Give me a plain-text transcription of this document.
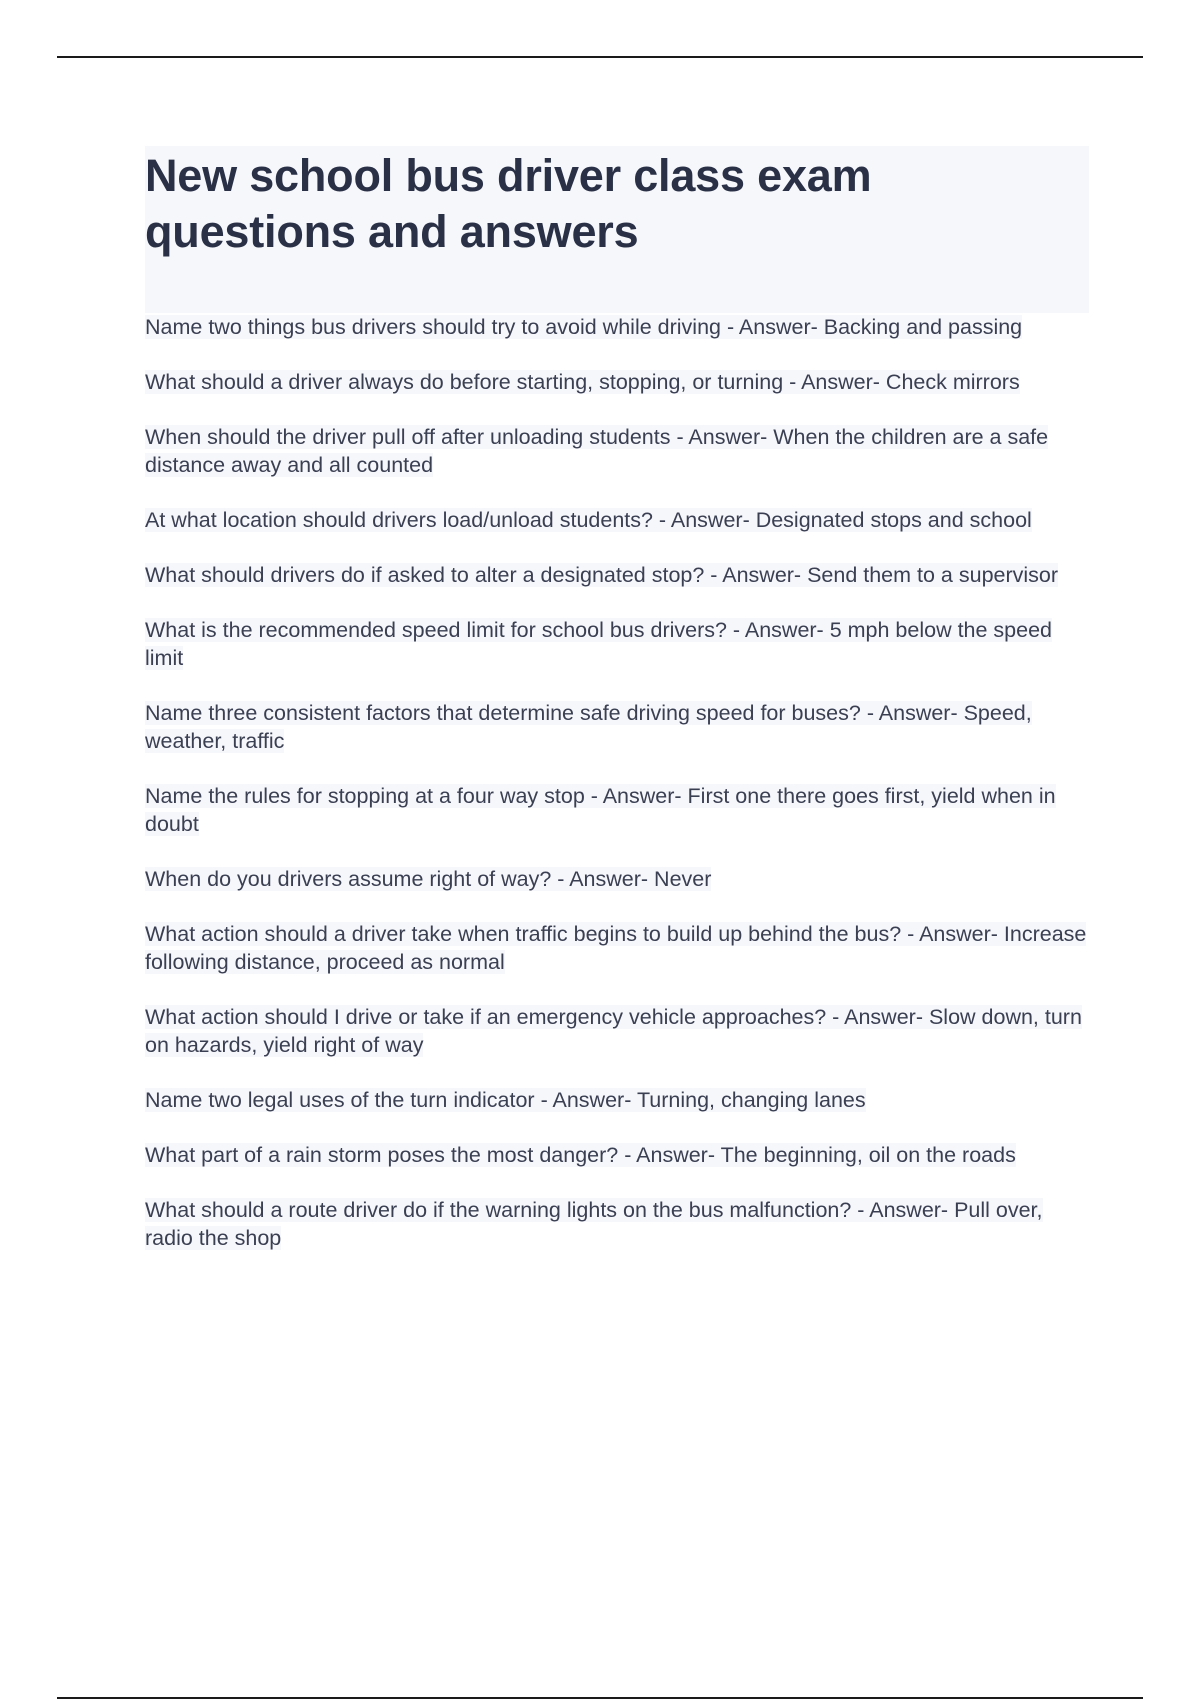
New school bus driver class exam questions and answers
Name two things bus drivers should try to avoid while driving - Answer- Backing and passing
What should a driver always do before starting, stopping, or turning - Answer- Check mirrors
When should the driver pull off after unloading students - Answer- When the children are a safe distance away and all counted
At what location should drivers load/unload students? - Answer- Designated stops and school
What should drivers do if asked to alter a designated stop? - Answer- Send them to a supervisor
What is the recommended speed limit for school bus drivers? - Answer- 5 mph below the speed limit
Name three consistent factors that determine safe driving speed for buses? - Answer- Speed, weather, traffic
Name the rules for stopping at a four way stop - Answer- First one there goes first, yield when in doubt
When do you drivers assume right of way? - Answer- Never
What action should a driver take when traffic begins to build up behind the bus? - Answer- Increase following distance, proceed as normal
What action should I drive or take if an emergency vehicle approaches? - Answer- Slow down, turn on hazards, yield right of way
Name two legal uses of the turn indicator - Answer- Turning, changing lanes
What part of a rain storm poses the most danger? - Answer- The beginning, oil on the roads
What should a route driver do if the warning lights on the bus malfunction? - Answer- Pull over, radio the shop
